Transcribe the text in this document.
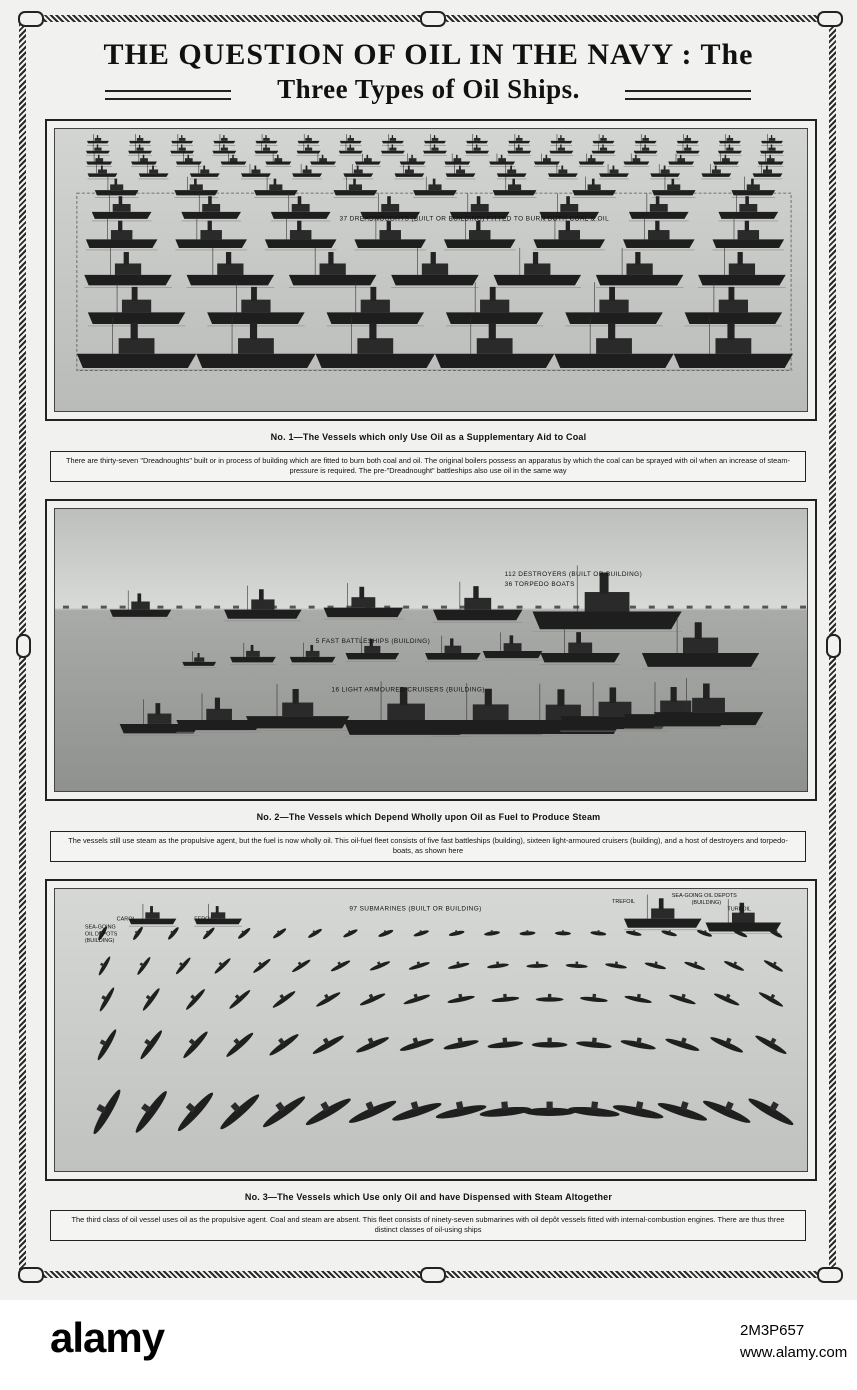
THE QUESTION OF OIL IN THE NAVY : The
Three Types of Oil Ships.
37 DREADNOUGHTS (BUILT OR BUILDING) FITTED TO BURN BOTH COAL & OIL
No. 1—The Vessels which only Use Oil as a Supplementary Aid to Coal
There are thirty-seven "Dreadnoughts" built or in process of building which are fitted to burn both coal and oil. The original boilers possess an apparatus by which the coal can be sprayed with oil when an increase of steam-pressure is required. The pre-"Dreadnought" battleships also use oil in the same way
112 DESTROYERS (BUILT OR BUILDING)
36 TORPEDO BOATS
5 FAST BATTLESHIPS (BUILDING)
16 LIGHT ARMOURED CRUISERS (BUILDING)
No. 2—The Vessels which Depend Wholly upon Oil as Fuel to Produce Steam
The vessels still use steam as the propulsive agent, but the fuel is now wholly oil. This oil-fuel fleet consists of five fast battleships (building), sixteen light-armoured cruisers (building), and a host of destroyers and torpedo-boats, as shown here
97 SUBMARINES (BUILT OR BUILDING)
CAROL	FEROL
SEA-GOING
OIL DEPOTS
(BUILDING)
TREFOIL
SEA-GOING OIL DEPOTS
(BUILDING)
TURKOIL
No. 3—The Vessels which Use only Oil and have Dispensed with Steam Altogether
The third class of oil vessel uses oil as the propulsive agent. Coal and steam are absent. This fleet consists of ninety-seven submarines with oil depôt vessels fitted with internal-combustion engines. There are thus three distinct classes of oil-using ships
alamy	2M3P657
www.alamy.com
